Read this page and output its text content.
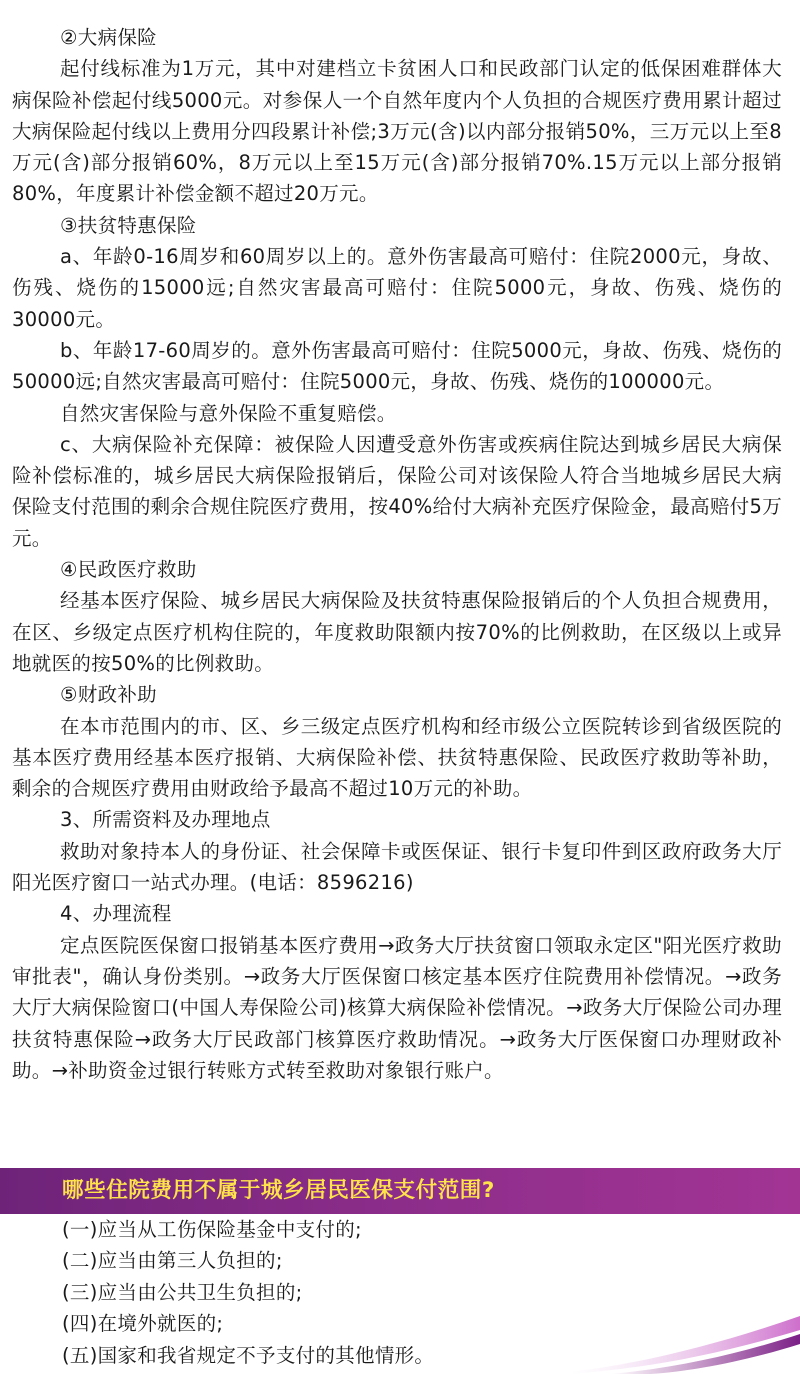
②大病保险

起付线标准为1万元，其中对建档立卡贫困人口和民政部门认定的低保困难群体大病保险补偿起付线5000元。对参保人一个自然年度内个人负担的合规医疗费用累计超过大病保险起付线以上费用分四段累计补偿;3万元(含)以内部分报销50%，三万元以上至8万元(含)部分报销60%，8万元以上至15万元(含)部分报销70%.15万元以上部分报销80%，年度累计补偿金额不超过20万元。

③扶贫特惠保险

a、年龄0-16周岁和60周岁以上的。意外伤害最高可赔付：住院2000元，身故、伤残、烧伤的15000远;自然灾害最高可赔付：住院5000元，身故、伤残、烧伤的30000元。

b、年龄17-60周岁的。意外伤害最高可赔付：住院5000元，身故、伤残、烧伤的50000远;自然灾害最高可赔付：住院5000元，身故、伤残、烧伤的100000元。

自然灾害保险与意外保险不重复赔偿。

c、大病保险补充保障：被保险人因遭受意外伤害或疾病住院达到城乡居民大病保险补偿标准的，城乡居民大病保险报销后，保险公司对该保险人符合当地城乡居民大病保险支付范围的剩余合规住院医疗费用，按40%给付大病补充医疗保险金，最高赔付5万元。

④民政医疗救助

经基本医疗保险、城乡居民大病保险及扶贫特惠保险报销后的个人负担合规费用，在区、乡级定点医疗机构住院的，年度救助限额内按70%的比例救助，在区级以上或异地就医的按50%的比例救助。

⑤财政补助

在本市范围内的市、区、乡三级定点医疗机构和经市级公立医院转诊到省级医院的基本医疗费用经基本医疗报销、大病保险补偿、扶贫特惠保险、民政医疗救助等补助，剩余的合规医疗费用由财政给予最高不超过10万元的补助。

3、所需资料及办理地点

救助对象持本人的身份证、社会保障卡或医保证、银行卡复印件到区政府政务大厅阳光医疗窗口一站式办理。(电话：8596216)

4、办理流程

定点医院医保窗口报销基本医疗费用→政务大厅扶贫窗口领取永定区"阳光医疗救助审批表"，确认身份类别。→政务大厅医保窗口核定基本医疗住院费用补偿情况。→政务大厅大病保险窗口(中国人寿保险公司)核算大病保险补偿情况。→政务大厅保险公司办理扶贫特惠保险→政务大厅民政部门核算医疗救助情况。→政务大厅医保窗口办理财政补助。→补助资金过银行转账方式转至救助对象银行账户。

哪些住院费用不属于城乡居民医保支付范围?

(一)应当从工伤保险基金中支付的;

(二)应当由第三人负担的;

(三)应当由公共卫生负担的;

(四)在境外就医的;

(五)国家和我省规定不予支付的其他情形。
